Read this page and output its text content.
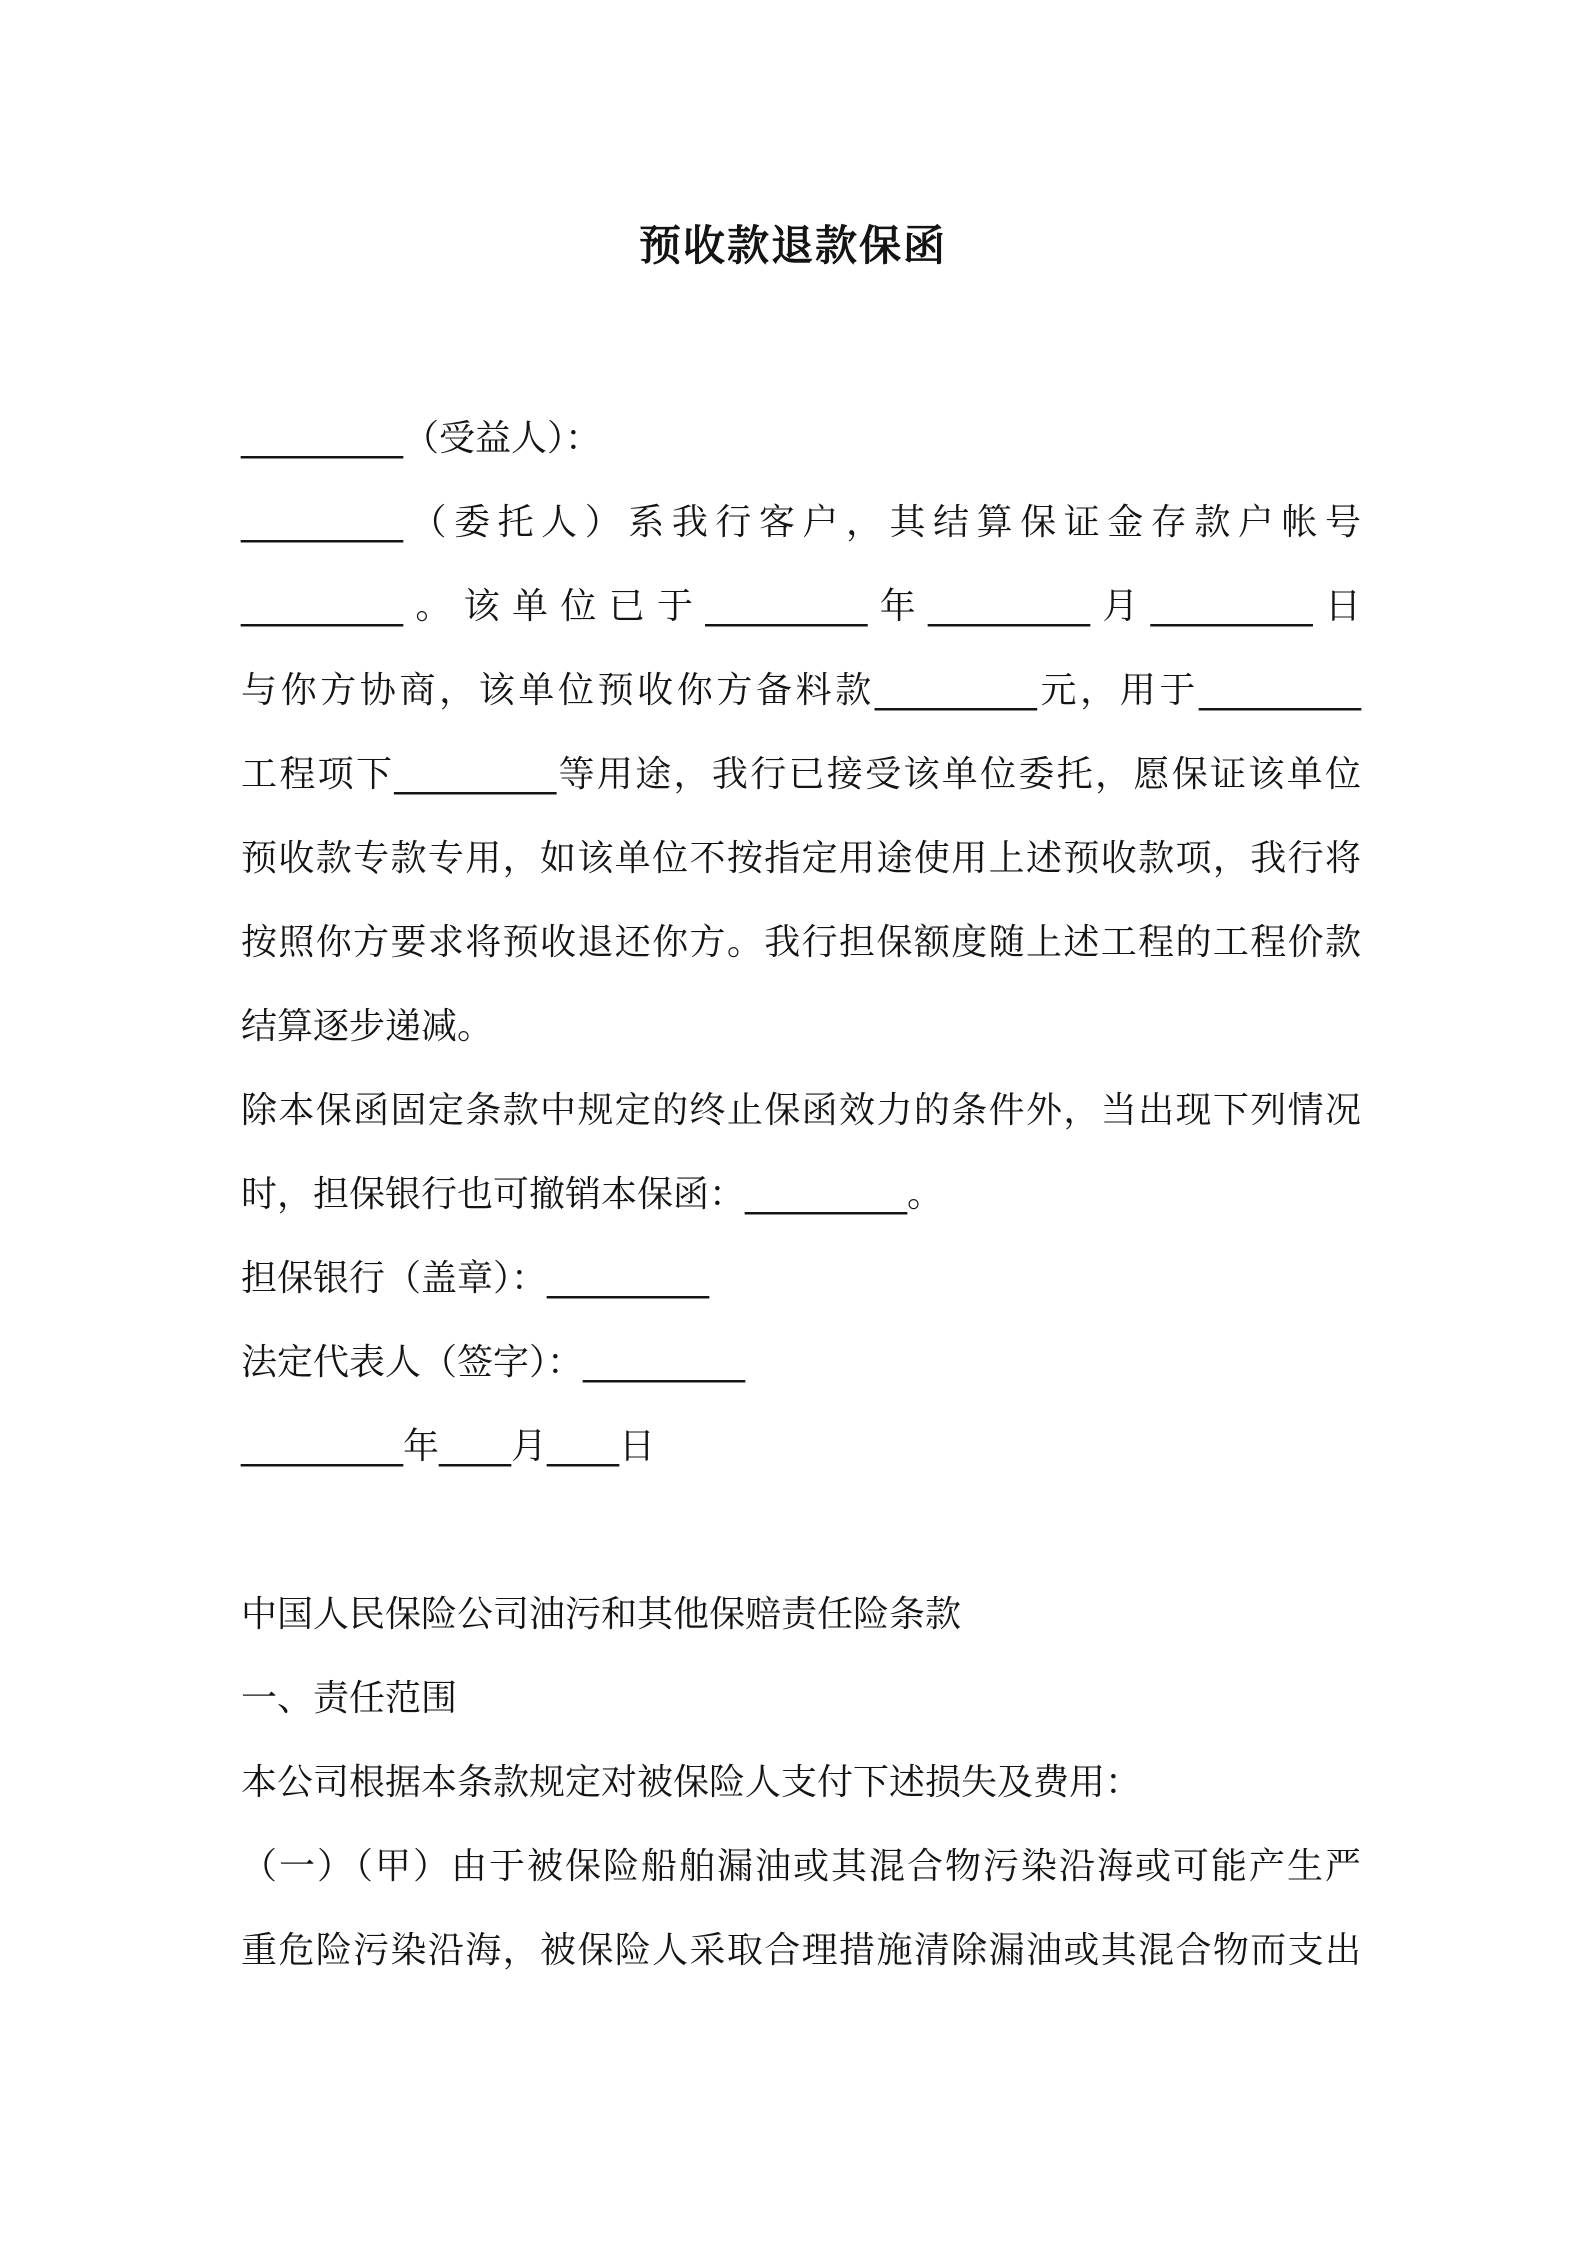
预收款退款保函
_________（受益人）：
_________（委托人）系我行客户，其结算保证金存款户帐号
_________。该单位已于_________年_________月_________日
与你方协商，该单位预收你方备料款_________元，用于_________
工程项下_________等用途，我行已接受该单位委托，愿保证该单位
预收款专款专用，如该单位不按指定用途使用上述预收款项，我行将
按照你方要求将预收退还你方。我行担保额度随上述工程的工程价款
结算逐步递减。
除本保函固定条款中规定的终止保函效力的条件外，当出现下列情况
时，担保银行也可撤销本保函：_________。
担保银行（盖章）：_________
法定代表人（签字）：_________
_________年____月____日
中国人民保险公司油污和其他保赔责任险条款
一、责任范围
本公司根据本条款规定对被保险人支付下述损失及费用：
（一）（甲）由于被保险船舶漏油或其混合物污染沿海或可能产生严
重危险污染沿海，被保险人采取合理措施清除漏油或其混合物而支出
